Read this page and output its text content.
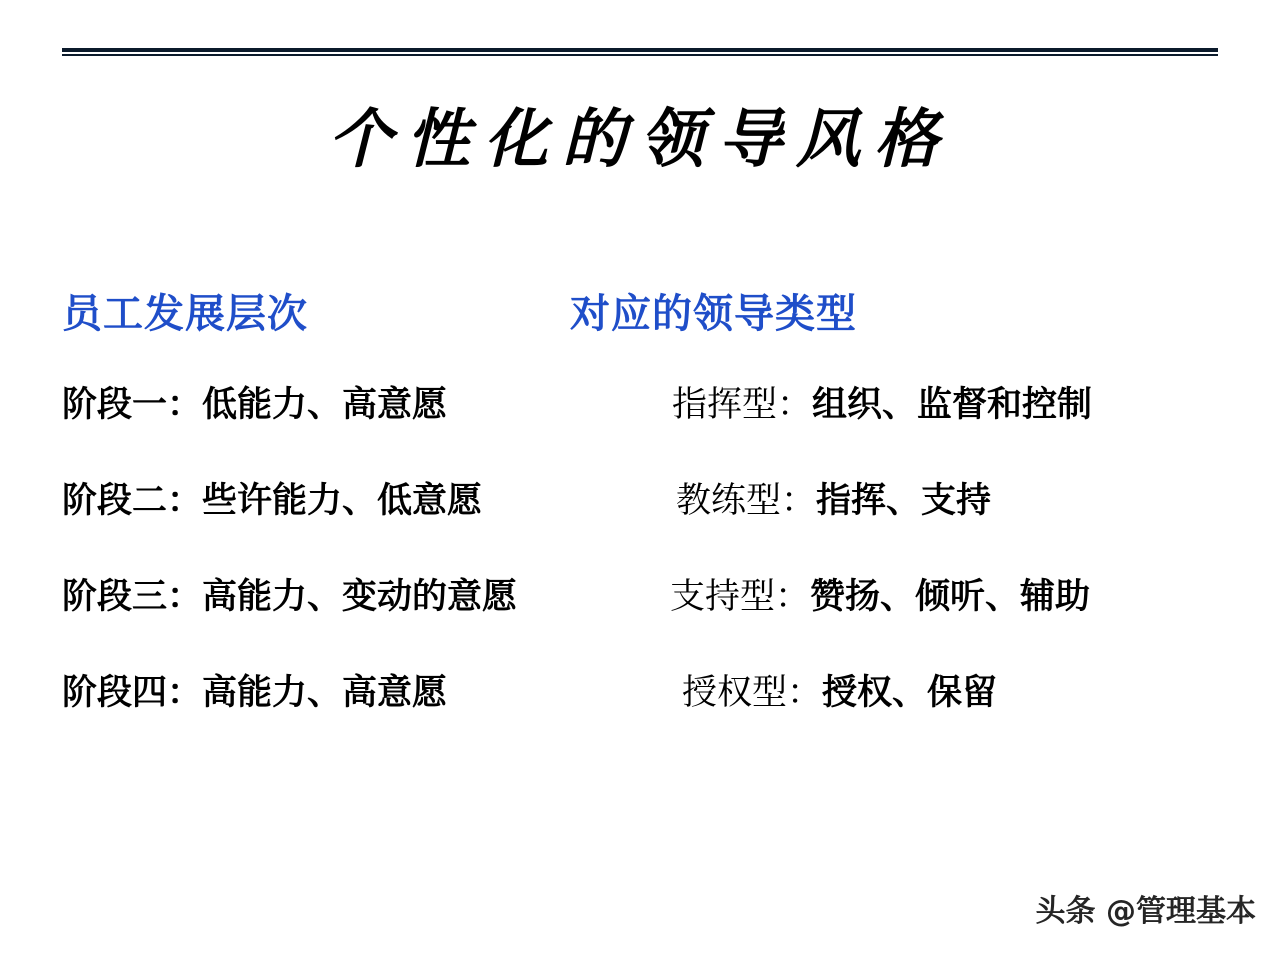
个性化的领导风格
员工发展层次	对应的领导类型
阶段一：低能力、高意愿	指挥型：组织、监督和控制
阶段二：些许能力、低意愿	教练型：指挥、支持
阶段三：高能力、变动的意愿	支持型：赞扬、倾听、辅助
阶段四：高能力、高意愿	授权型：授权、保留
头条 @管理基本
